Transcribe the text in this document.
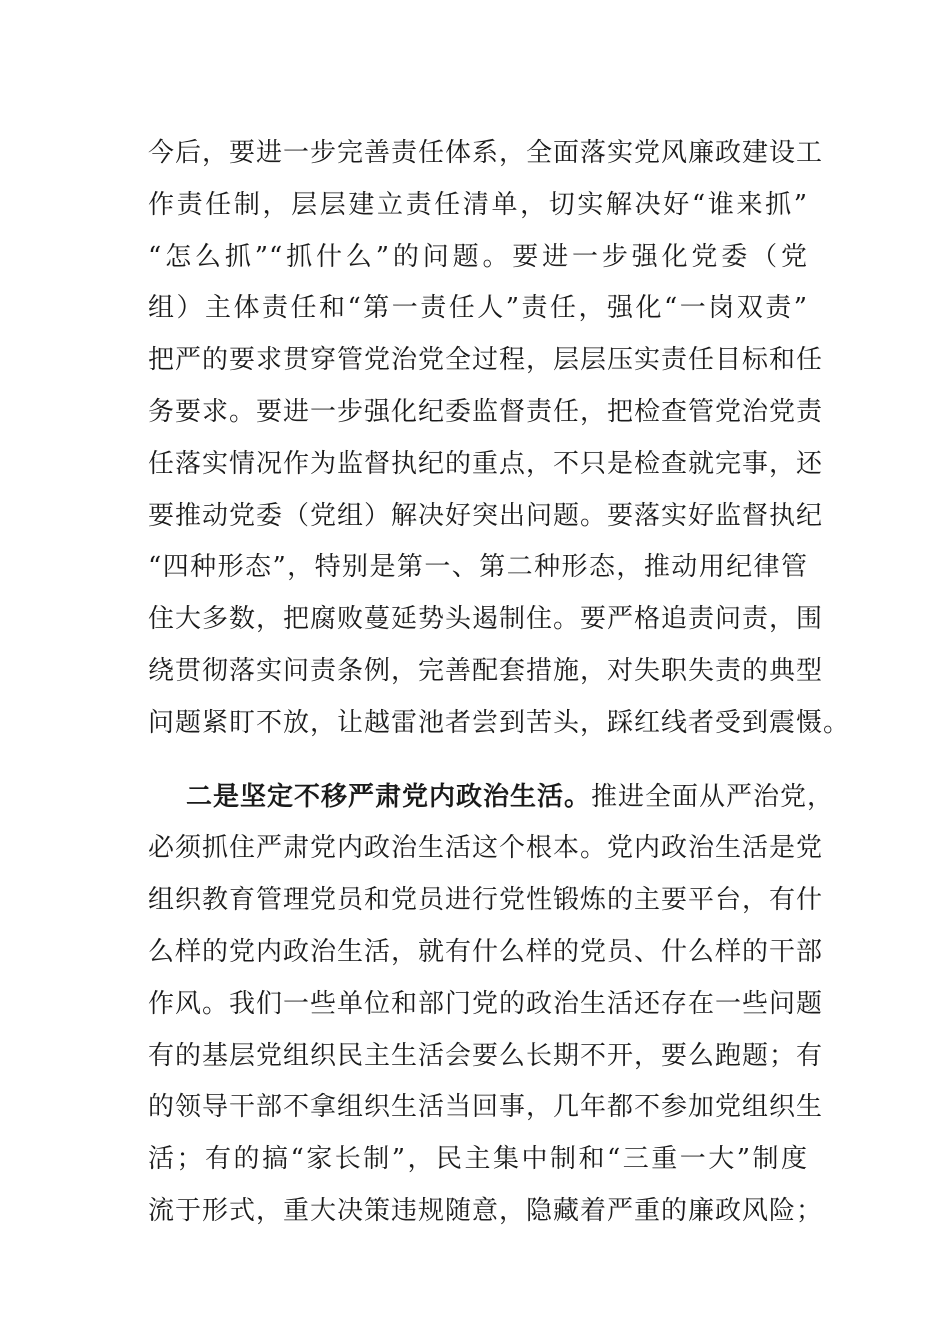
今后，要进一步完善责任体系，全面落实党风廉政建设工
作责任制，层层建立责任清单，切实解决好“谁来抓”
“怎么抓”“抓什么”的问题。要进一步强化党委（党
组）主体责任和“第一责任人”责任，强化“一岗双责”
把严的要求贯穿管党治党全过程，层层压实责任目标和任
务要求。要进一步强化纪委监督责任，把检查管党治党责
任落实情况作为监督执纪的重点，不只是检查就完事，还
要推动党委（党组）解决好突出问题。要落实好监督执纪
“四种形态”，特别是第一、第二种形态，推动用纪律管
住大多数，把腐败蔓延势头遏制住。要严格追责问责，围
绕贯彻落实问责条例，完善配套措施，对失职失责的典型
问题紧盯不放，让越雷池者尝到苦头，踩红线者受到震慑。
二是坚定不移严肃党内政治生活。推进全面从严治党，
必须抓住严肃党内政治生活这个根本。党内政治生活是党
组织教育管理党员和党员进行党性锻炼的主要平台，有什
么样的党内政治生活，就有什么样的党员、什么样的干部
作风。我们一些单位和部门党的政治生活还存在一些问题
有的基层党组织民主生活会要么长期不开，要么跑题；有
的领导干部不拿组织生活当回事，几年都不参加党组织生
活；有的搞“家长制”，民主集中制和“三重一大”制度
流于形式，重大决策违规随意，隐藏着严重的廉政风险；
